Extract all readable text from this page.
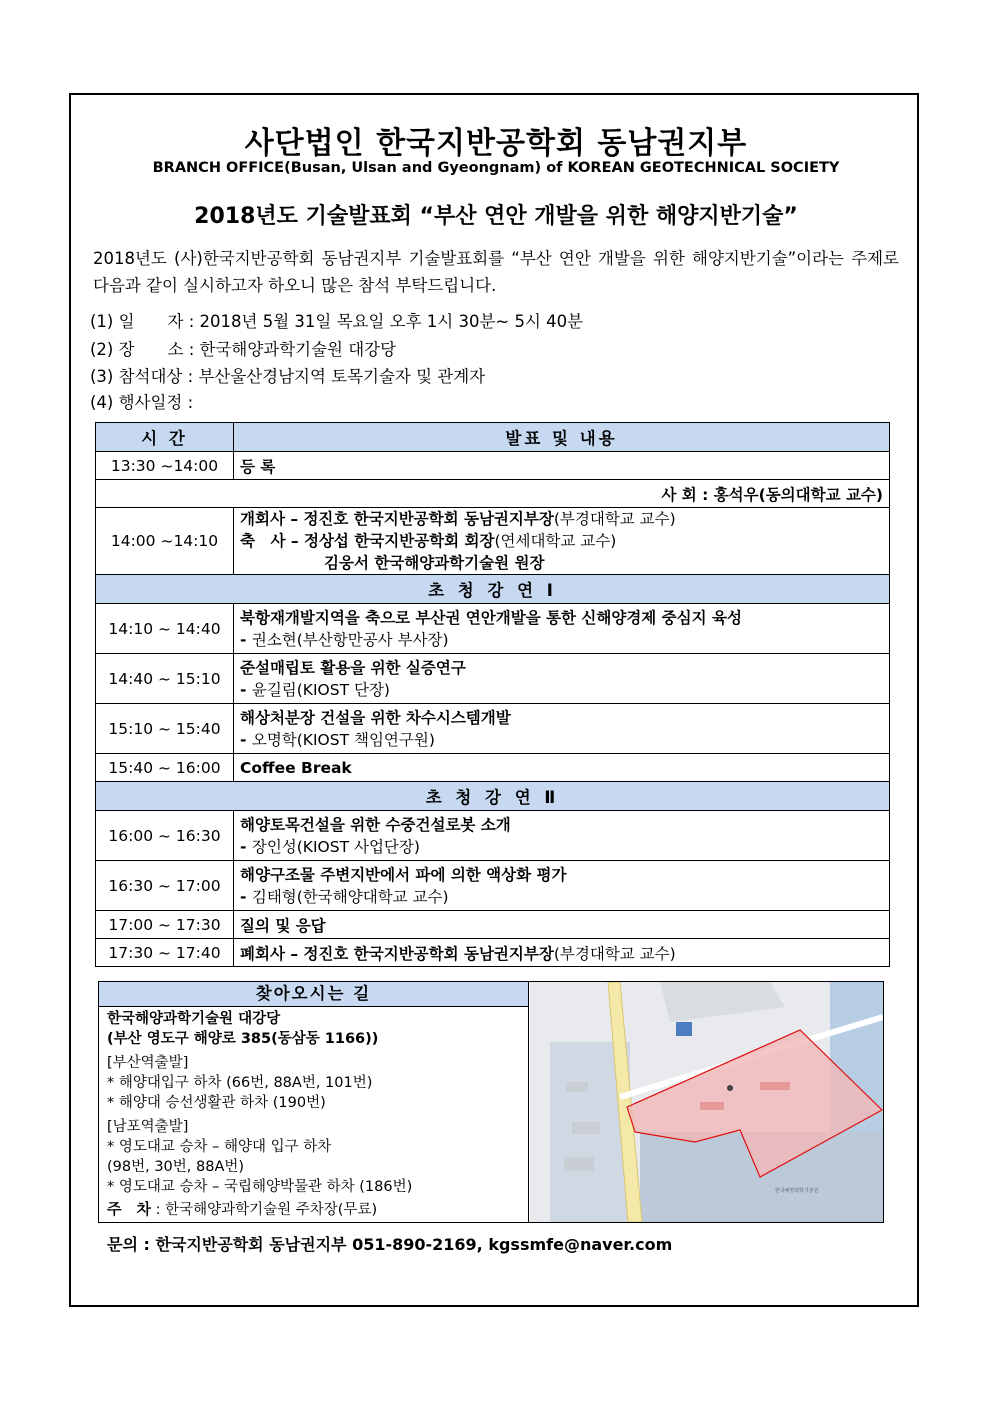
사단법인 한국지반공학회 동남권지부
BRANCH OFFICE(Busan, Ulsan and Gyeongnam) of KOREAN GEOTECHNICAL SOCIETY
2018년도 기술발표회 “부산 연안 개발을 위한 해양지반기술”
2018년도 (사)한국지반공학회 동남권지부 기술발표회를 “부산 연안 개발을 위한 해양지반기술”이라는 주제로 다음과 같이 실시하고자 하오니 많은 참석 부탁드립니다.
(1) 일　　자 : 2018년 5월 31일 목요일 오후 1시 30분~ 5시 40분
(2) 장　　소 : 한국해양과학기술원 대강당
(3) 참석대상 : 부산울산경남지역 토목기술자 및 관계자
(4) 행사일정 :
시 간	발표 및 내용
13:30 ~14:00	등 록
사 회 : 홍석우(동의대학교 교수)	
14:00 ~14:10	개회사 – 정진호 한국지반공학회 동남권지부장(부경대학교 교수)
축　사 – 정상섭 한국지반공학회 회장(연세대학교 교수)
김웅서 한국해양과학기술원 원장

초 청 강 연 Ⅰ	
14:10 ~ 14:40	북항재개발지역을 축으로 부산권 연안개발을 통한 신해양경제 중심지 육성
- 권소현(부산항만공사 부사장)

14:40 ~ 15:10	준설매립토 활용을 위한 실증연구
- 윤길림(KIOST 단장)

15:10 ~ 15:40	해상처분장 건설을 위한 차수시스템개발
- 오명학(KIOST 책임연구원)

15:40 ~ 16:00	Coffee Break
초 청 강 연 Ⅱ	
16:00 ~ 16:30	해양토목건설을 위한 수중건설로봇 소개
- 장인성(KIOST 사업단장)

16:30 ~ 17:00	해양구조물 주변지반에서 파에 의한 액상화 평가
- 김태형(한국해양대학교 교수)

17:00 ~ 17:30	질의 및 응답
17:30 ~ 17:40	폐회사 – 정진호 한국지반공학회 동남권지부장(부경대학교 교수)
찾아오시는 길
한국해양과학기술원 대강당
(부산 영도구 해양로 385(동삼동 1166))
[부산역출발]
* 해양대입구 하차 (66번, 88A번, 101번)
* 해양대 승선생활관 하차 (190번)
[남포역출발]
* 영도대교 승차 – 해양대 입구 하차
(98번, 30번, 88A번)
* 영도대교 승차 – 국립해양박물관 하차 (186번)
주　차 : 한국해양과학기술원 주차장(무료)
한국해양과학기술원
문의 : 한국지반공학회 동남권지부 051-890-2169, kgssmfe@naver.com
